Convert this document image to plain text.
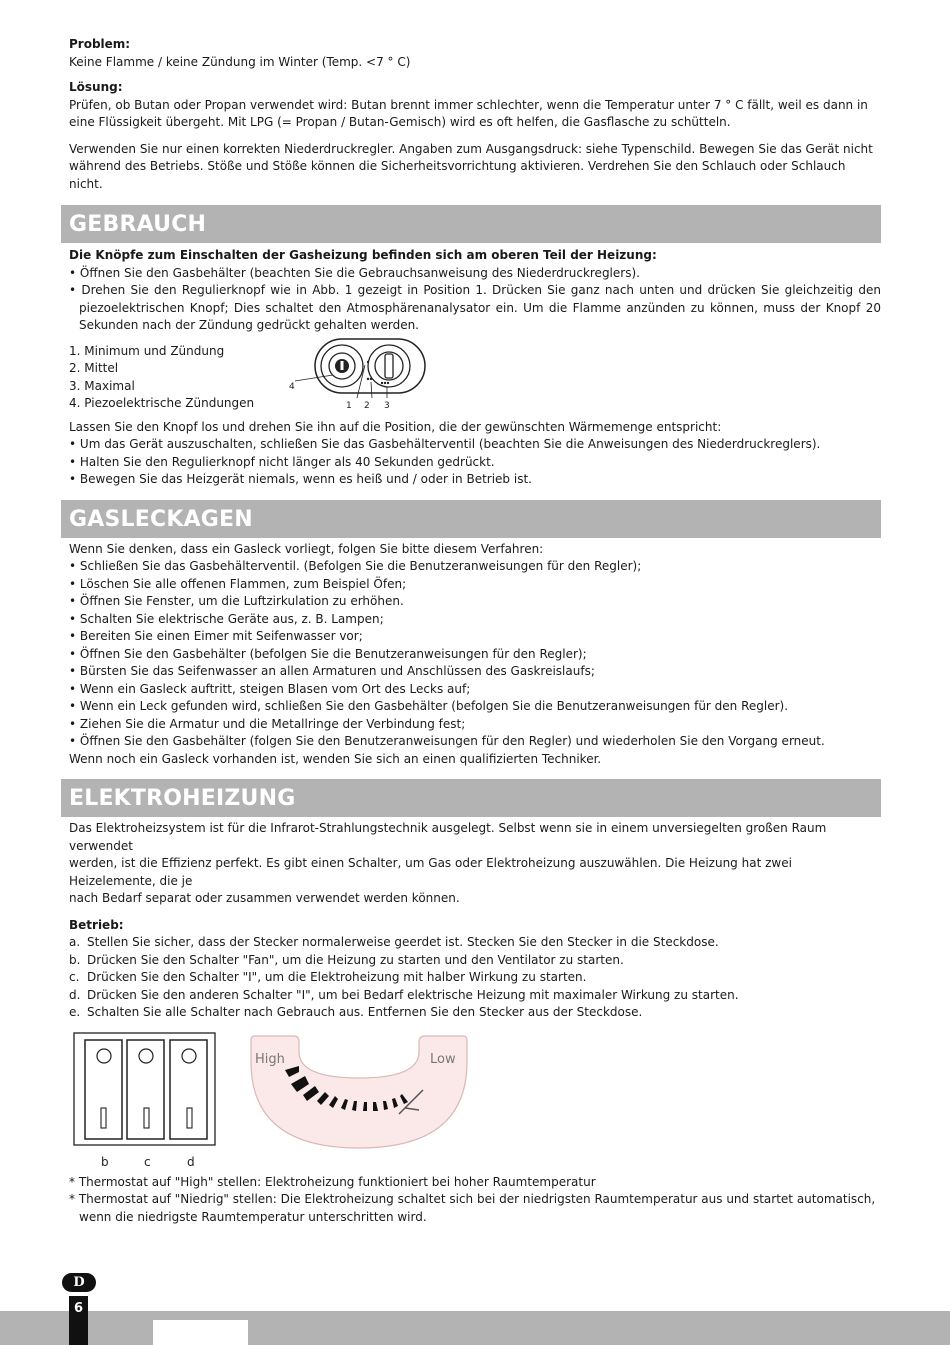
Problem:

Keine Flamme / keine Zündung im Winter (Temp. <7 ° C)

Lösung:

Prüfen, ob Butan oder Propan verwendet wird: Butan brennt immer schlechter, wenn die Temperatur unter 7 ° C fällt, weil es dann in

eine Flüssigkeit übergeht. Mit LPG (= Propan / Butan-Gemisch) wird es oft helfen, die Gasflasche zu schütteln.

Verwenden Sie nur einen korrekten Niederdruckregler. Angaben zum Ausgangsdruck: siehe Typenschild. Bewegen Sie das Gerät nicht

während des Betriebs. Stöße und Stöße können die Sicherheitsvorrichtung aktivieren. Verdrehen Sie den Schlauch oder Schlauch nicht.

GEBRAUCH

Die Knöpfe zum Einschalten der Gasheizung befinden sich am oberen Teil der Heizung:

• Öffnen Sie den Gasbehälter (beachten Sie die Gebrauchsanweisung des Niederdruckreglers).

• Drehen Sie den Regulierknopf wie in Abb. 1 gezeigt in Position 1. Drücken Sie ganz nach unten und drücken Sie gleichzeitig den piezoelektrischen Knopf; Dies schaltet den Atmosphärenanalysator ein. Um die Flamme anzünden zu können, muss der Knopf 20 Sekunden nach der Zündung gedrückt gehalten werden.

1. Minimum und Zündung

2. Mittel

3. Maximal

4. Piezoelektrische Zündungen

4
1 2 3

Lassen Sie den Knopf los und drehen Sie ihn auf die Position, die der gewünschten Wärmemenge entspricht:

• Um das Gerät auszuschalten, schließen Sie das Gasbehälterventil (beachten Sie die Anweisungen des Niederdruckreglers).

• Halten Sie den Regulierknopf nicht länger als 40 Sekunden gedrückt.

• Bewegen Sie das Heizgerät niemals, wenn es heiß und / oder in Betrieb ist.

GASLECKAGEN

Wenn Sie denken, dass ein Gasleck vorliegt, folgen Sie bitte diesem Verfahren:

• Schließen Sie das Gasbehälterventil. (Befolgen Sie die Benutzeranweisungen für den Regler);

• Löschen Sie alle offenen Flammen, zum Beispiel Öfen;

• Öffnen Sie Fenster, um die Luftzirkulation zu erhöhen.

• Schalten Sie elektrische Geräte aus, z. B. Lampen;

• Bereiten Sie einen Eimer mit Seifenwasser vor;

• Öffnen Sie den Gasbehälter (befolgen Sie die Benutzeranweisungen für den Regler);

• Bürsten Sie das Seifenwasser an allen Armaturen und Anschlüssen des Gaskreislaufs;

• Wenn ein Gasleck auftritt, steigen Blasen vom Ort des Lecks auf;

• Wenn ein Leck gefunden wird, schließen Sie den Gasbehälter (befolgen Sie die Benutzeranweisungen für den Regler).

• Ziehen Sie die Armatur und die Metallringe der Verbindung fest;

• Öffnen Sie den Gasbehälter (folgen Sie den Benutzeranweisungen für den Regler) und wiederholen Sie den Vorgang erneut.

Wenn noch ein Gasleck vorhanden ist, wenden Sie sich an einen qualifizierten Techniker.

ELEKTROHEIZUNG

Das Elektroheizsystem ist für die Infrarot-Strahlungstechnik ausgelegt. Selbst wenn sie in einem unversiegelten großen Raum verwendet

werden, ist die Effizienz perfekt. Es gibt einen Schalter, um Gas oder Elektroheizung auszuwählen. Die Heizung hat zwei Heizelemente, die je

nach Bedarf separat oder zusammen verwendet werden können.

Betrieb:

a. Stellen Sie sicher, dass der Stecker normalerweise geerdet ist. Stecken Sie den Stecker in die Steckdose.
b. Drücken Sie den Schalter "Fan", um die Heizung zu starten und den Ventilator zu starten.
c. Drücken Sie den Schalter "I", um die Elektroheizung mit halber Wirkung zu starten.
d. Drücken Sie den anderen Schalter "I", um bei Bedarf elektrische Heizung mit maximaler Wirkung zu starten.
e. Schalten Sie alle Schalter nach Gebrauch aus. Entfernen Sie den Stecker aus der Steckdose.
b	c	d
High	Low

* Thermostat auf "High" stellen: Elektroheizung funktioniert bei hoher Raumtemperatur

* Thermostat auf "Niedrig" stellen: Die Elektroheizung schaltet sich bei der niedrigsten Raumtemperatur aus und startet automatisch, wenn die niedrigste Raumtemperatur unterschritten wird.

D
6
